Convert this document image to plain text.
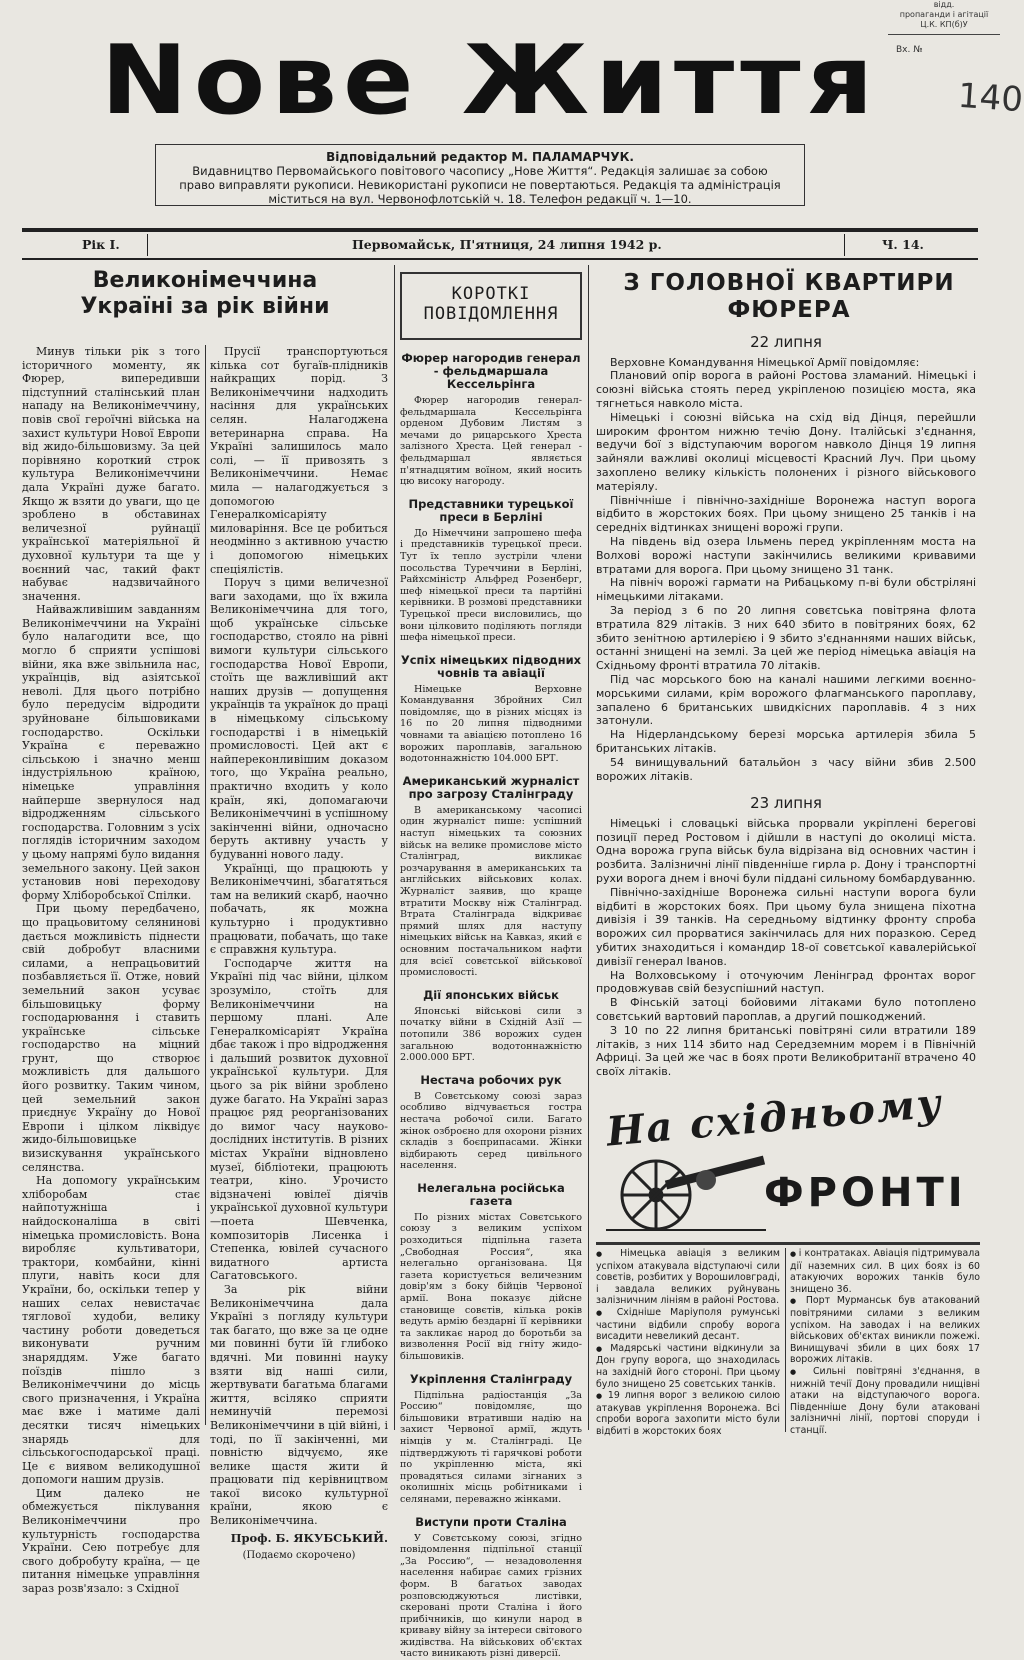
відд.
пропаганди і агітації
Ц.К. КП(б)У
Вх. №
140
Nове Життя
Відповідальний редактор М. ПАЛАМАРЧУК.
Видавництво Первомайського повітового часопису „Нове Життя“. Редакція залишає за собою
право виправляти рукописи. Невикористані рукописи не повертаються. Редакція та адміністрація
міститься на вул. Червонофлотській ч. 18. Телефон редакції ч. 1—10.
Рік I.	Первомайськ, П'ятниця, 24 липня 1942 р.	Ч. 14.
Великонімеччина Україні за рік війни

Минув тільки рік з того історичного моменту, як Фюрер, випередивши підступний сталінський план нападу на Великонімеччину, повів свої героїчні війська на захист культури Нової Европи від жидо-більшовизму. За цей порівняно короткий строк культура Великонімеччини дала Україні дуже багато. Якщо ж взяти до уваги, що це зроблено в обставинах величезної руйнації української матеріяльної й духовної культури та ще у воєнний час, такий факт набуває надзвичайного значення.

Найважливішим завданням Великонімеччини на Україні було налагодити все, що могло б сприяти успішові війни, яка вже звільнила нас, українців, від азіятської неволі. Для цього потрібно було передусім відродити зруйноване більшовиками господарство. Оскільки Україна є переважно сільською і значно менш індустріяльною країною, німецьке управління найперше звернулося над відродженням сільського господарства. Головним з усіх поглядів історичним заходом у цьому напрямі було видання земельного закону. Цей закон установив нові переходову форму Хліборобської Спілки.

При цьому передбачено, що працьовитому селянинові дається можливість піднести свій добробут власними силами, а непрацьовитий позбавляється її. Отже, новий земельний закон усуває більшовицьку форму господарювання і ставить українське сільське господарство на міцний грунт, що створює можливість для дальшого його розвитку. Таким чином, цей земельний закон приєднує Україну до Нової Европи і цілком ліквідує жидо-більшовицьке визискування українського селянства.

На допомогу українським хліборобам стає найпотужніша і найдосконаліша в світі німецька промисловість. Вона виробляє культиватори, трактори, комбайни, кінні плуги, навіть коси для України, бо, оскільки тепер у наших селах невистачає тяглової худоби, велику частину роботи доведеться виконувати ручним знаряддям. Уже багато поїздів пішло з Великонімеччини до місць свого призначення, і Україна має вже і матиме далі десятки тисяч німецьких знарядь для сільськогосподарської праці. Це є виявом великодушної допомоги нашим друзів.

Цим далеко не обмежується піклування Великонімеччини про культурність господарства України. Сею потребує для свого добробуту країна, — це питання німецьке управління зараз розв'язало: з Східної

Прусії транспортуються кілька сот бугаїв-плідників найкращих порід. З Великонімеччини надходить насіння для українських селян. Налагоджена ветеринарна справа. На Україні залишилось мало солі, — її привозять з Великонімеччини. Немає мила — налагоджується з допомогою Генералкомісаріяту миловаріння. Все це робиться неодмінно з активною участю і допомогою німецьких спеціялістів.

Поруч з цими величезної ваги заходами, що їх вжила Великонімеччина для того, щоб українське сільське господарство, стояло на рівні вимоги культури сільського господарства Нової Европи, стоїть ще важливіший акт наших друзів — допущення українців та українок до праці в німецькому сільському господарстві і в німецькій промисловості. Цей акт є найпереконливішим доказом того, що Україна реально, практично входить у коло країн, які, допомагаючи Великонімеччині в успішному закінченні війни, одночасно беруть активну участь у будуванні нового ладу.

Українці, що працюють у Великонімеччині, збагатяться там на великий скарб, наочно побачать, як можна культурно і продуктивно працювати, побачать, що таке є справжня культура.

Господарче життя на Україні під час війни, цілком зрозуміло, стоїть для Великонімеччини на першому плані. Але Генералкомісаріят Україна дбає також і про відродження і дальший розвиток духовної української культури. Для цього за рік війни зроблено дуже багато. На Україні зараз працює ряд реорганізованих до вимог часу науково-дослідних інститутів. В різних містах України відновлено музеї, бібліотеки, працюють театри, кіно. Урочисто відзначені ювілеї діячів української духовної культури—поета Шевченка, композиторів Лисенка і Степенка, ювілей сучасного видатного артиста Сагатовського.

За рік війни Великонімеччина дала Україні з погляду культури так багато, що вже за це одне ми повинні бути їй глибоко вдячні. Ми повинні науку взяти від наші сили, жертвувати багатьма благами життя, всіляко сприяти неминучій перемозі Великонімеччини в цій війні, і тоді, по її закінченні, ми повністю відчуємо, яке велике щастя жити й працювати під керівництвом такої високо культурної країни, якою є Великонімеччина.

Проф. Б. ЯКУБСЬКИЙ.
(Подаємо скорочено)
КОРОТКІ ПОВІДОМЛЕННЯ
Фюрер нагородив генерал - фельдмаршала Кессельрінга

Фюрер нагородив генерал-фельдмаршала Кессельрінга орденом Дубовим Листям з мечами до рицарського Хреста залізного Хреста. Цей генерал - фельдмаршал являється п'ятнадцятим воїном, який носить цю високу нагороду.

Представники турецької преси в Берліні

До Німеччини запрошено шефа і представників турецької преси. Тут їх тепло зустріли члени посольства Туреччини в Берліні, Райхсміністр Альфред Розенберг, шеф німецької преси та партійні керівники. В розмові представники Турецької преси висловились, що вони цілковито поділяють погляди шефа німецької преси.

Успіх німецьких підводних човнів та авіації

Німецьке Верховне Командування Збройних Сил повідомляє, що в різних місцях із 16 по 20 липня підводними човнами та авіацією потоплено 16 ворожих пароплавів, загальною водотоннажністю 104.000 БРТ.

Американський журналіст про загрозу Сталінграду

В американському часописі один журналіст пише: успішний наступ німецьких та союзних військ на велике промислове місто Сталінград, викликає розчарування в американських та англійських військових колах. Журналіст заявив, що краще втратити Москву ніж Сталінград. Втрата Сталінграда відкриває прямий шлях для наступу німецьких військ на Кавказ, який є основним постачальником нафти для всієї совєтської військової промисловості.

Дії японських військ

Японські військові сили з початку війни в Східній Азії — потопили 386 ворожих суден загальною водотоннажністю 2.000.000 БРТ.

Нестача робочих рук

В Совєтському союзі зараз особливо відчувається гостра нестача робочої сили. Багато жінок озброєно для охорони різних складів з боєприпасами. Жінки відбирають серед цивільного населення.

Нелегальна російська газета

По різних містах Совєтського союзу з великим успіхом розходиться підпільна газета „Свободная Россия“, яка нелегально організована. Ця газета користується величезним довір'ям з боку бійців Червоної армії. Вона показує дійсне становище совєтів, кілька років ведуть армію бездарні її керівники та закликає народ до боротьби за визволення Росії від гніту жидо-більшовиків.

Укріплення Сталінграду

Підпільна радіостанція „За Россию“ повідомляє, що більшовики втративши надію на захист Червоної армії, ждуть німців у м. Сталінграді. Це підтверджують ті гарячкові роботи по укріпленню міста, які провадяться силами зігнаних з околишніх місць робітниками і селянами, переважно жінками.

Виступи проти Сталіна

У Совєтському союзі, згідно повідомлення підпільної станції „За Россию“, — незадоволення населення набирає самих грізних форм. В багатьох заводах розповсюджуються листівки, скеровані проти Сталіна і його прибічників, що кинули народ в криваву війну за інтереси світового жидівства. На військових об'єктах часто виникають різні диверсії.

З ГОЛОВНОЇ КВАРТИРИ
ФЮРЕРА
22 липня

Верховне Командування Німецької Армії повідомляє:

Плановий опір ворога в районі Ростова зламаний. Німецькі і союзні війська стоять перед укріпленою позицією моста, яка тягнеться навколо міста.

Німецькі і союзні війська на схід від Дінця, перейшли широким фронтом нижню течію Дону. Італійські з'єднання, ведучи бої з відступаючим ворогом навколо Дінця 19 липня зайняли важливі околиці місцевості Красний Луч. При цьому захоплено велику кількість полонених і різного військового матеріялу.

Північніше і північно-західніше Воронежа наступ ворога відбито в жорстоких боях. При цьому знищено 25 танків і на середніх відтинках знищені ворожі групи.

На південь від озера Ільмень перед укріпленням моста на Волхові ворожі наступи закінчились великими кривавими втратами для ворога. При цьому знищено 31 танк.

На північ ворожі гармати на Рибацькому п-ві були обстріляні німецькими літаками.

За період з 6 по 20 липня совєтська повітряна флота втратила 829 літаків. З них 640 збито в повітряних боях, 62 збито зенітною артилерією і 9 збито з'єднаннями наших військ, останні знищені на землі. За цей же період німецька авіація на Східньому фронті втратила 70 літаків.

Під час морського бою на каналі нашими легкими воєнно-морськими силами, крім ворожого флагманського пароплаву, запалено 6 британських швидкісних пароплавів. 4 з них затонули.

На Нідерландському березі морська артилерія збила 5 британських літаків.

54 винищувальний батальйон з часу війни збив 2.500 ворожих літаків.

23 липня

Німецькі і словацькі війська прорвали укріплені берегові позиції перед Ростовом і дійшли в наступі до околиці міста. Одна ворожа група військ була відрізана від основних частин і розбита. Залізничні лінії південніше гирла р. Дону і транспортні рухи ворога днем і вночі були піддані сильному бомбардуванню.

Північно-західніше Воронежа сильні наступи ворога були відбиті в жорстоких боях. При цьому була знищена піхотна дивізія і 39 танків. На середньому відтинку фронту спроба ворожих сил прорватися закінчилась для них поразкою. Серед убитих знаходиться і командир 18-ої совєтської кавалерійської дивізії генерал Іванов.

На Волховському і оточуючим Ленінград фронтах ворог продовжував свій безуспішний наступ.

В Фінській затоці бойовими літаками було потоплено совєтський вартовий пароплав, а другий пошкоджений.

З 10 по 22 липня британські повітряні сили втратили 189 літаків, з них 114 збито над Середземним морем і в Північній Африці. За цей же час в боях проти Великобританії втрачено 40 своїх літаків.

На східньому
ФРОНТІ

● Німецька авіація з великим успіхом атакувала відступаючі сили совєтів, розбитих у Ворошиловграді, і завдала великих руйнувань залізничним лініям в районі Ростова.

● Східніше Маріуполя румунські частини відбили спробу ворога висадити невеликий десант.

● Мадярські частини відкинули за Дон групу ворога, що знаходилась на західній його стороні. При цьому було знищено 25 совєтських танків.

● 19 липня ворог з великою силою атакував укріплення Воронежа. Всі спроби ворога захопити місто були відбиті в жорстоких боях

● і контратаках. Авіація підтримувала дії наземних сил. В цих боях із 60 атакуючих ворожих танків було знищено 36.

● Порт Мурманськ був атакований повітряними силами з великим успіхом. На заводах і на великих військових об'єктах виникли пожежі. Винищувачі збили в цих боях 17 ворожих літаків.

● Сильні повітряні з'єднання, в нижній течії Дону провадили нищівні атаки на відступаючого ворога. Південніше Дону були атаковані залізничні лінії, портові споруди і станції.
